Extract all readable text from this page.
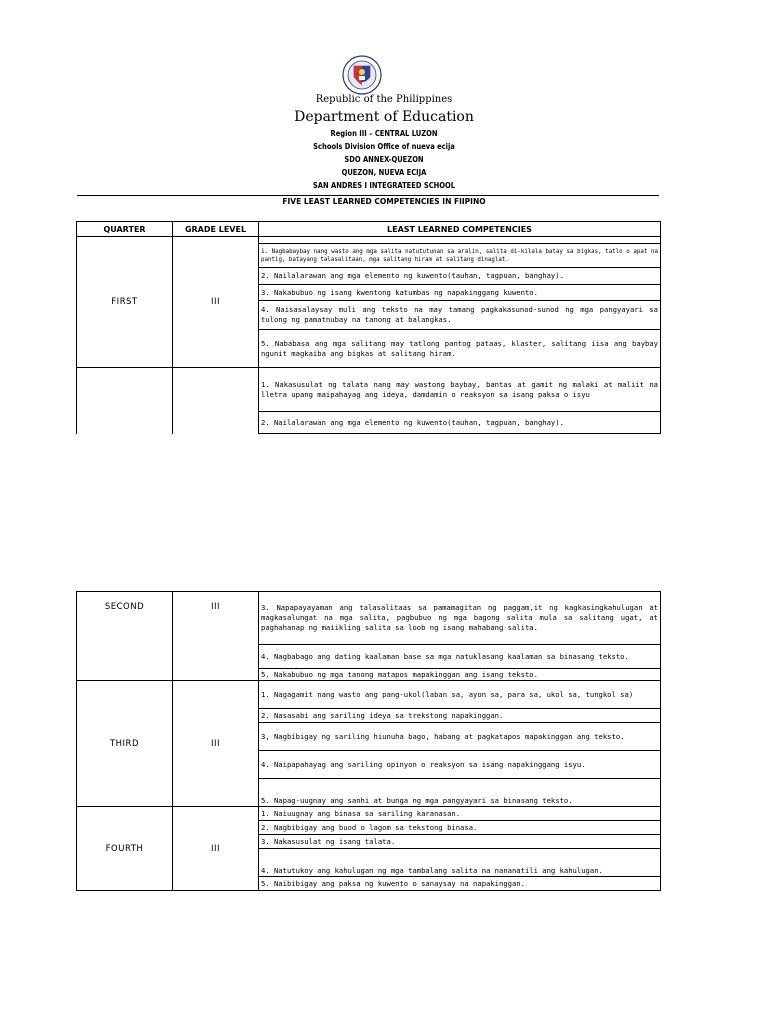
Republic of the Philippines
Department of Education
Region III – CENTRAL LUZON
Schools Division Office of nueva ecija
SDO ANNEX-QUEZON
QUEZON, NUEVA ECIJA
SAN ANDRES I INTEGRATEED SCHOOL
FIVE LEAST LEARNED COMPETENCIES IN FIIPINO
QUARTER	GRADE LEVEL	LEAST LEARNED COMPETENCIES
FIRST	III	
		1. Nagbabaybay nang wasto ang mga salita natututunan sa aralin, salita di-kilala batay sa bigkas, tatlo o apat na pantig, batayang talasalitaan, mga salitang hiram at salitang dinaglat.
		2. Nailalarawan ang mga elemento ng kuwento(tauhan, tagpuan, banghay).
		3. Nakabubuo ng isang kwentong katumbas ng napakinggang kuwento.
		4. Naisasalaysay muli ang teksto na may tamang pagkakasunod-sunod ng mga pangyayari sa tulong ng pamatnubay na tanong at balangkas.
		5. Nababasa ang mga salitang may tatlong pantog pataas, klaster, salitang iisa ang baybay ngunit magkaiba ang bigkas at salitang hiram.
		1. Nakasusulat ng talata nang may wastong baybay, bantas at gamit ng malaki at maliit na lletra upang maipahayag ang ideya, damdamin o reaksyon sa isang paksa o isyu
		2. Nailalarawan ang mga elemento ng kuwento(tauhan, tagpuan, banghay).
SECOND	III	3. Napapayayaman ang talasalitaas sa pamamagitan ng paggam,it ng kagkasingkahulugan at magkasalungat na mga salita, pagbubuo ng mga bagong salita mula sa salitang ugat, at paghahanap ng maiikling salita sa loob ng isang mahabang salita.
		4. Nagbabago ang dating kaalaman base sa mga natuklasang kaalaman sa binasang teksto.
		5. Nakabubuo ng mga tanong matapos mapakinggan ang isang teksto.
THIRD	III	1. Nagagamit nang wasto ang pang-ukol(laban sa, ayon sa, para sa, ukol sa, tungkol sa)
		2. Nasasabi ang sariling ideya sa trekstong napakinggan.
		3, Nagbibigay ng sariling hiunuha bago, habang at pagkatapos mapakinggan ang teksto.
		4. Naipapahayag ang sariling opinyon o reaksyon sa isang napakinggang isyu.
		5. Napag-uugnay ang sanhi at bunga ng mga pangyayari sa binasang teksto.
FOURTH	III	1. Naiuugnay ang binasa sa sariling karanasan.
		2. Nagbibigay ang buod o lagom sa tekstong binasa.
		3. Nakasusulat ng isang talata.
		4. Natutukoy ang kahulugan ng mga tambalang salita na nananatili ang kahulugan.
		5. Naibibigay ang paksa ng kuwento o sanaysay na napakinggan.
